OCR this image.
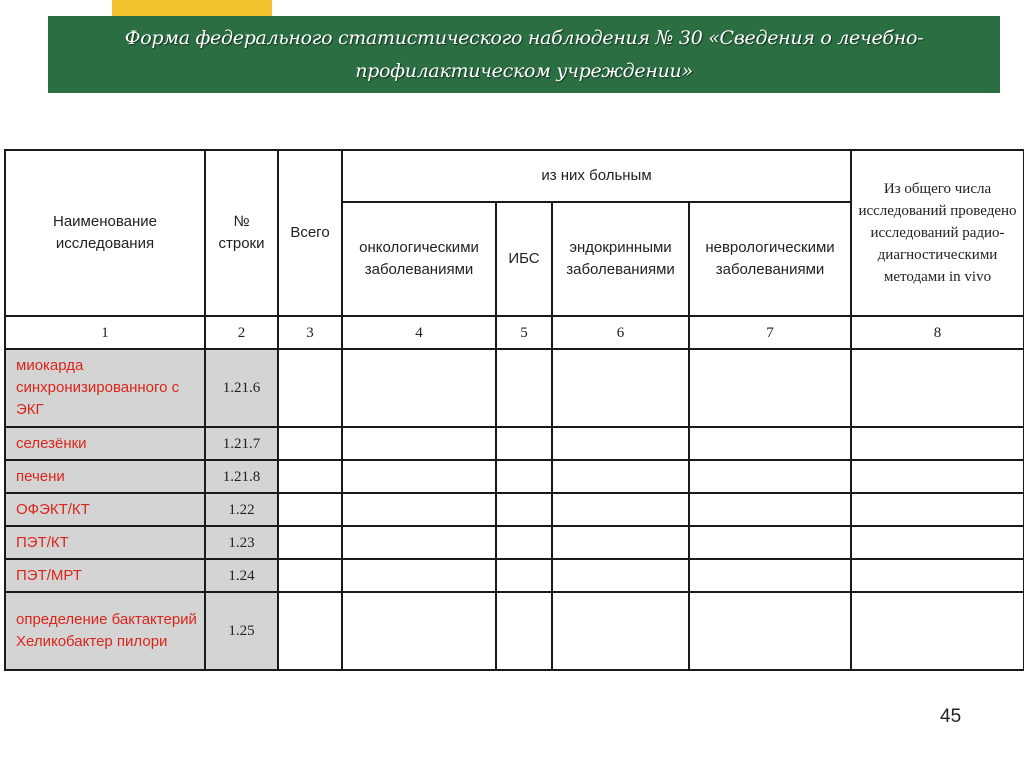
Форма федерального статистического наблюдения № 30 «Сведения о лечебно-профилактическом учреждении»
Наименование исследования	№ строки	Всего	из них больным				Из общего числа исследований проведено исследований радио-диагностическими методами in vivo
			онкологическими заболеваниями	ИБС	эндокринными заболеваниями	неврологическими заболеваниями	
1	2	3	4	5	6	7	8
миокарда синхронизированного с ЭКГ	1.21.6						
селезёнки	1.21.7						
печени	1.21.8						
ОФЭКТ/КТ	1.22						
ПЭТ/КТ	1.23						
ПЭТ/МРТ	1.24						
определение бактактерий Хеликобактер пилори	1.25						
45
